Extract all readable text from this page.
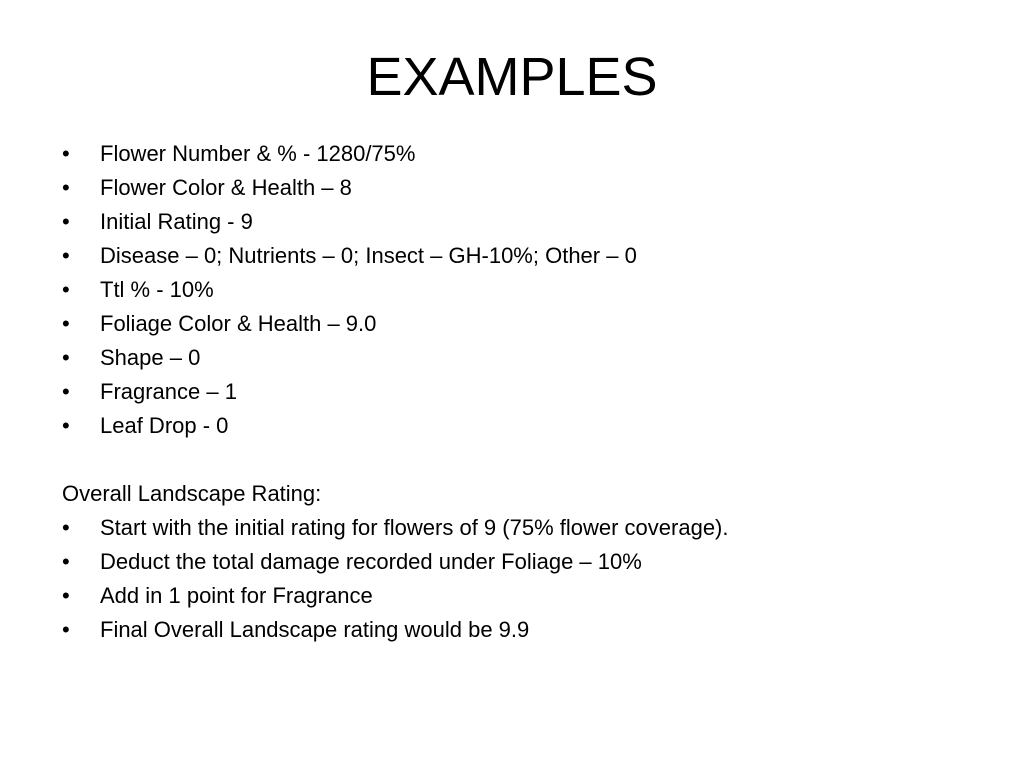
EXAMPLES
•	Flower Number & % - 1280/75%
•	Flower Color & Health – 8
•	Initial Rating - 9
•	Disease – 0; Nutrients – 0; Insect – GH-10%; Other – 0
•	Ttl % - 10%
•	Foliage Color & Health – 9.0
•	Shape – 0
•	Fragrance – 1
•	Leaf Drop - 0

Overall Landscape Rating:

•	Start with the initial rating for flowers of 9 (75% flower coverage).
•	Deduct the total damage recorded under Foliage – 10%
•	Add in 1 point for Fragrance
•	Final Overall Landscape rating would be 9.9
